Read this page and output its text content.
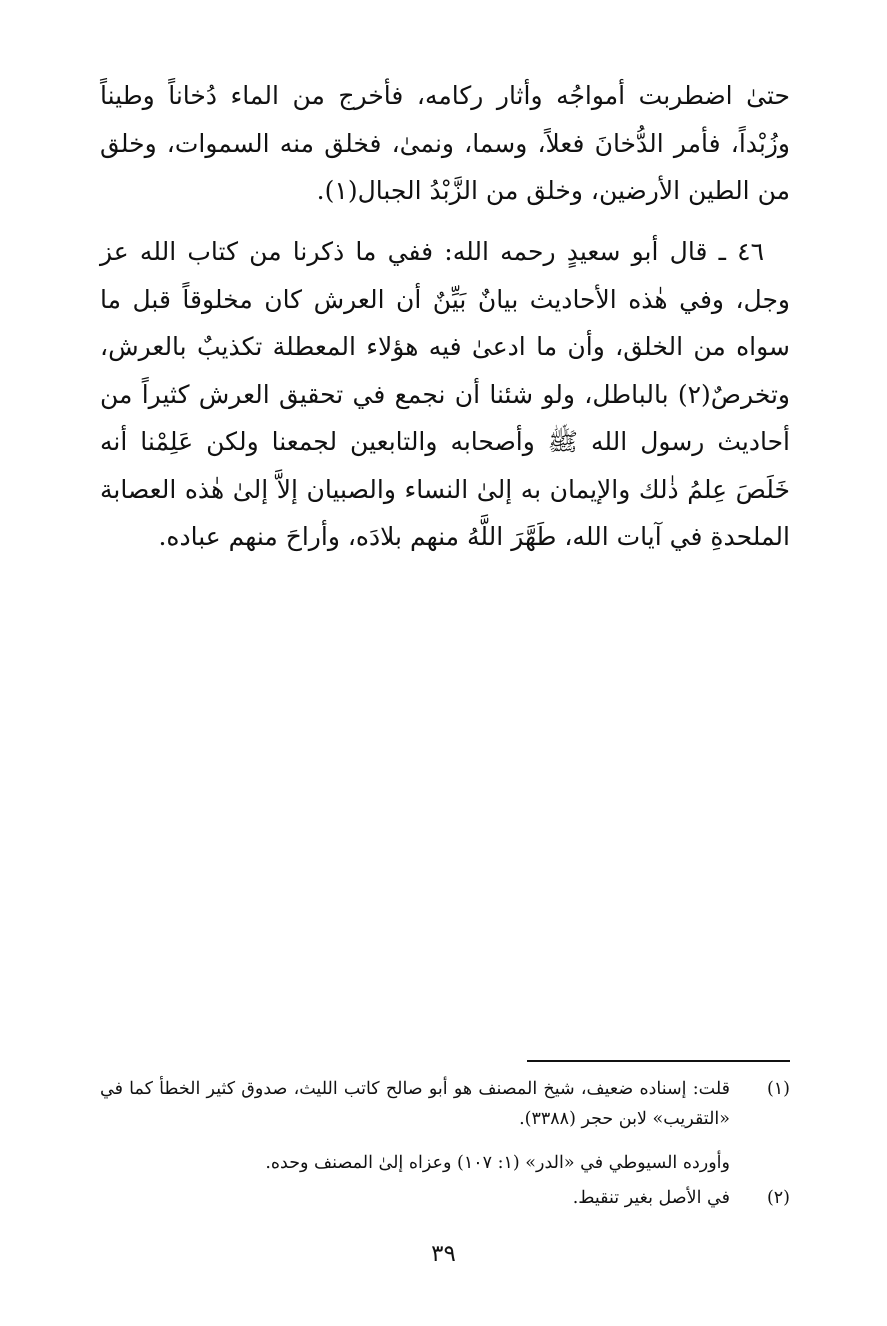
حتىٰ اضطربت أمواجُه وأثار ركامه، فأخرج من الماء دُخاناً وطيناً وزُبْداً، فأمر الدُّخانَ فعلاً، وسما، ونمىٰ، فخلق منه السموات، وخلق من الطين الأرضين، وخلق من الزَّبْدُ الجبال(١).
٤٦ ـ قال أبو سعيدٍ رحمه الله: ففي ما ذكرنا من كتاب الله عز وجل، وفي هٰذه الأحاديث بيانٌ بَيِّنٌ أن العرش كان مخلوقاً قبل ما سواه من الخلق، وأن ما ادعىٰ فيه هؤلاء المعطلة تكذيبٌ بالعرش، وتخرصٌ(٢) بالباطل، ولو شئنا أن نجمع في تحقيق العرش كثيراً من أحاديث رسول الله ﷺ وأصحابه والتابعين لجمعنا ولكن عَلِمْنا أنه خَلَصَ عِلمُ ذٰلك والإيمان به إلىٰ النساء والصبيان إلاَّ إلىٰ هٰذه العصابة الملحدةِ في آيات الله، طَهَّرَ اللَّهُ منهم بلادَه، وأراحَ منهم عباده.
(١)
قلت: إسناده ضعيف، شيخ المصنف هو أبو صالح كاتب الليث، صدوق كثير الخطأ كما في «التقريب» لابن حجر (٣٣٨٨).
وأورده السيوطي في «الدر» (١: ١٠٧) وعزاه إلىٰ المصنف وحده.
(٢)
في الأصل بغير تنقيط.
٣٩
